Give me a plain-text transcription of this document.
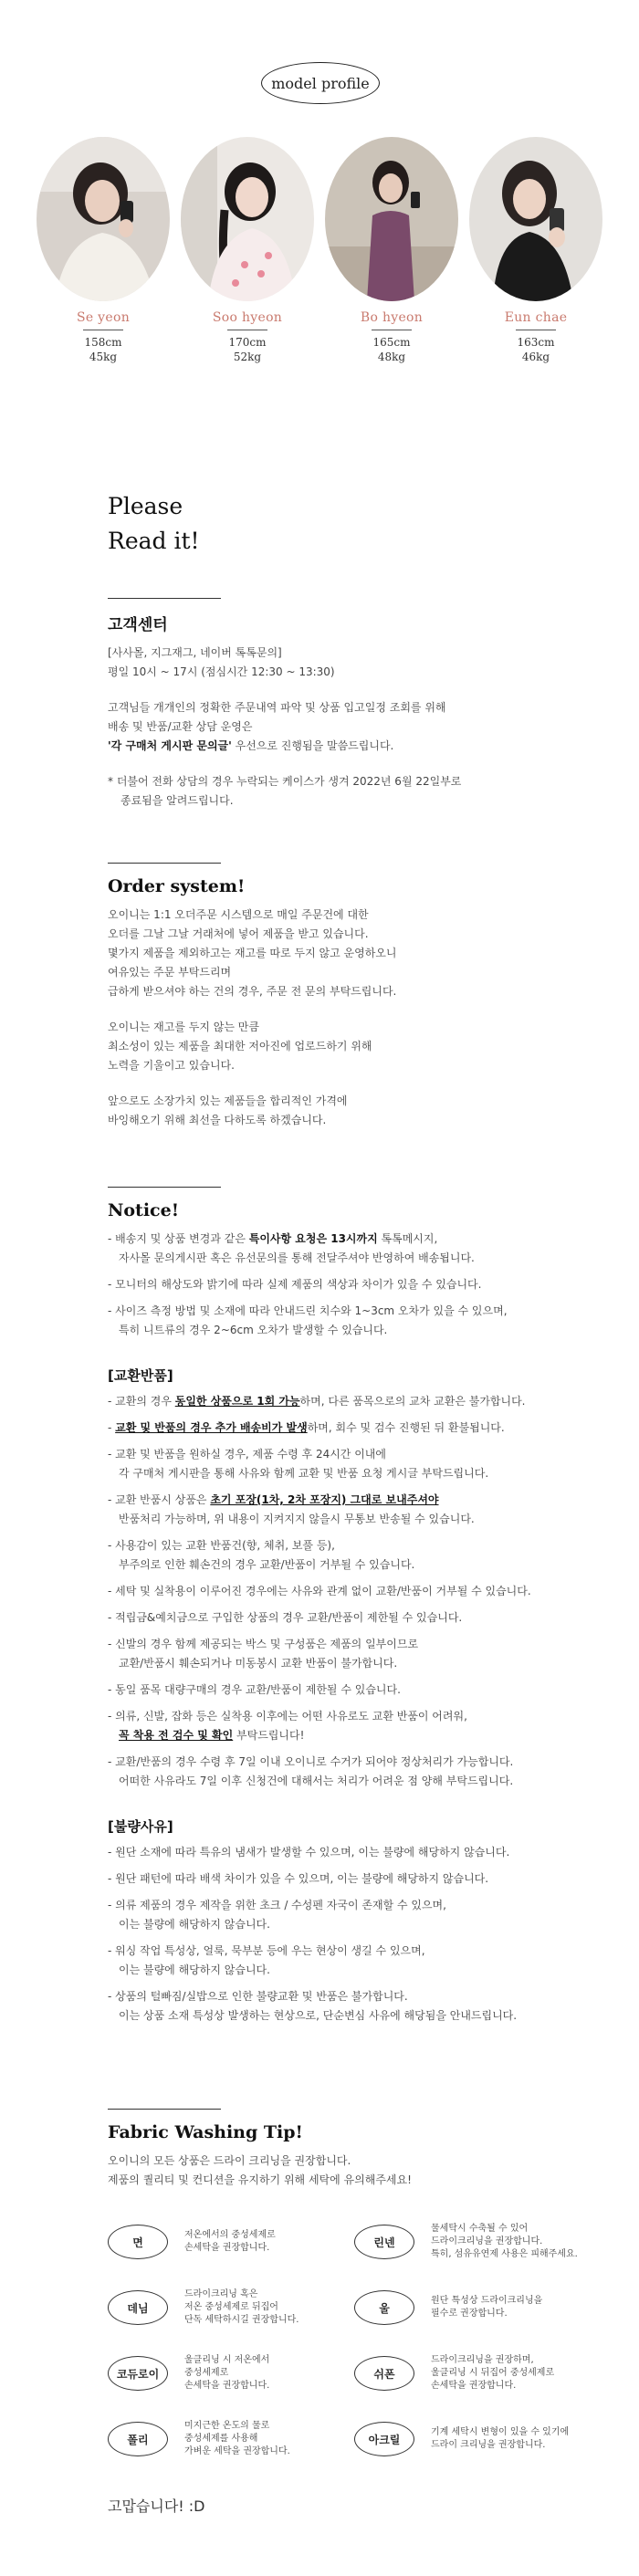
model profile
Se yeon
158cm
45kg
Soo hyeon
170cm
52kg
Bo hyeon
165cm
48kg
Eun chae
163cm
46kg
Please
Read it!
고객센터
[사사몰, 지그재그, 네이버 톡톡문의]
평일 10시 ~ 17시 (점심시간 12:30 ~ 13:30)
고객님들 개개인의 정확한 주문내역 파악 및 상품 입고일정 조회를 위해
배송 및 반품/교환 상담 운영은
'각 구매처 게시판 문의글' 우선으로 진행됨을 말씀드립니다.
* 더불어 전화 상담의 경우 누락되는 케이스가 생겨 2022년 6월 22일부로
종료됨을 알려드립니다.
Order system!
오이니는 1:1 오더주문 시스템으로 매일 주문건에 대한
오더를 그날 그날 거래처에 넣어 제품을 받고 있습니다.
몇가지 제품을 제외하고는 재고를 따로 두지 않고 운영하오니
여유있는 주문 부탁드리며
급하게 받으셔야 하는 건의 경우, 주문 전 문의 부탁드립니다.
오이니는 재고를 두지 않는 만큼
최소성이 있는 제품을 최대한 저아진에 업로드하기 위해
노력을 기울이고 있습니다.
앞으로도 소장가치 있는 제품들을 합리적인 가격에
바잉해오기 위해 최선을 다하도록 하겠습니다.
Notice!
- 배송지 및 상품 변경과 같은 특이사항 요청은 13시까지 톡톡메시지,
자사몰 문의게시판 혹은 유선문의를 통해 전달주셔야 반영하여 배송됩니다.
- 모니터의 해상도와 밝기에 따라 실제 제품의 색상과 차이가 있을 수 있습니다.
- 사이즈 측정 방법 및 소재에 따라 안내드린 치수와 1~3cm 오차가 있을 수 있으며,
특히 니트류의 경우 2~6cm 오차가 발생할 수 있습니다.
[교환반품]
- 교환의 경우 동일한 상품으로 1회 가능하며, 다른 품목으로의 교차 교환은 불가합니다.
- 교환 및 반품의 경우 추가 배송비가 발생하며, 회수 및 검수 진행된 뒤 환불됩니다.
- 교환 및 반품을 원하실 경우, 제품 수령 후 24시간 이내에
각 구매처 게시판을 통해 사유와 함께 교환 및 반품 요청 게시글 부탁드립니다.
- 교환 반품시 상품은 초기 포장(1차, 2차 포장지) 그대로 보내주셔야
반품처리 가능하며, 위 내용이 지켜지지 않을시 무통보 반송될 수 있습니다.
- 사용감이 있는 교환 반품건(향, 체취, 보풀 등),
부주의로 인한 훼손건의 경우 교환/반품이 거부될 수 있습니다.
- 세탁 및 실착용이 이루어진 경우에는 사유와 관계 없이 교환/반품이 거부될 수 있습니다.
- 적립금&예치금으로 구입한 상품의 경우 교환/반품이 제한될 수 있습니다.
- 신발의 경우 함께 제공되는 박스 및 구성품은 제품의 일부이므로
교환/반품시 훼손되거나 미동봉시 교환 반품이 불가합니다.
- 동일 품목 대량구매의 경우 교환/반품이 제한될 수 있습니다.
- 의류, 신발, 잡화 등은 실착용 이후에는 어떤 사유로도 교환 반품이 어려워,
꼭 착용 전 검수 및 확인 부탁드립니다!
- 교환/반품의 경우 수령 후 7일 이내 오이니로 수거가 되어야 정상처리가 가능합니다.
어떠한 사유라도 7일 이후 신청건에 대해서는 처리가 어려운 점 양해 부탁드립니다.
[불량사유]
- 원단 소재에 따라 특유의 냄새가 발생할 수 있으며, 이는 불량에 해당하지 않습니다.
- 원단 패턴에 따라 배색 차이가 있을 수 있으며, 이는 불량에 해당하지 않습니다.
- 의류 제품의 경우 제작을 위한 초크 / 수성펜 자국이 존재할 수 있으며,
이는 불량에 해당하지 않습니다.
- 워싱 작업 특성상, 얼룩, 묵부분 등에 우는 현상이 생길 수 있으며,
이는 불량에 해당하지 않습니다.
- 상품의 털빠짐/실밥으로 인한 불량교환 및 반품은 불가합니다.
이는 상품 소재 특성상 발생하는 현상으로, 단순변심 사유에 해당됨을 안내드립니다.
Fabric Washing Tip!
오이니의 모든 상품은 드라이 크리닝을 권장합니다.
제품의 퀄리티 및 컨디션을 유지하기 위해 세탁에 유의해주세요!
면
저온에서의 중성세제로
손세탁을 권장합니다.	린넨
물세탁시 수축될 수 있어
드라이크리닝을 권장합니다.
특히, 섬유유연제 사용은 피해주세요.
데님
드라이크리닝 혹은
저온 중성세제로 뒤집어
단독 세탁하시길 권장합니다.
울
원단 특성상 드라이크리닝을
필수로 권장합니다.
코듀로이
울클리닝 시 저온에서
중성세제로
손세탁을 권장합니다.
쉬폰
드라이크리닝을 권장하며,
울클리닝 시 뒤집어 중성세제로
손세탁을 권장합니다.
폴리
미지근한 온도의 물로
중성세제를 사용해
가벼운 세탁을 권장합니다.
아크릴
기계 세탁시 변형이 있을 수 있기에
드라이 크리닝을 권장합니다.
고맙습니다! :D
